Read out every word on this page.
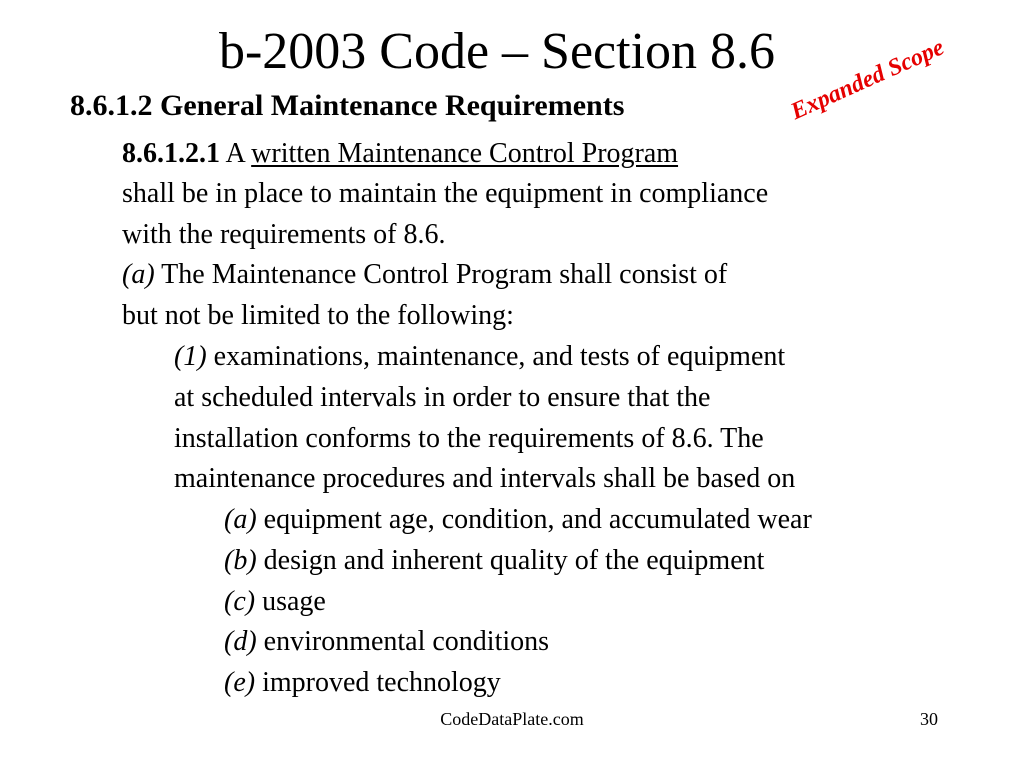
b-2003 Code – Section 8.6
8.6.1.2 General Maintenance Requirements	Expanded Scope
8.6.1.2.1 A written Maintenance Control Program
shall be in place to maintain the equipment in compliance
with the requirements of 8.6.
(a) The Maintenance Control Program shall consist of
but not be limited to the following:
(1) examinations, maintenance, and tests of equipment
at scheduled intervals in order to ensure that the
installation conforms to the requirements of 8.6. The
maintenance procedures and intervals shall be based on
(a) equipment age, condition, and accumulated wear
(b) design and inherent quality of the equipment
(c) usage
(d) environmental conditions
(e) improved technology
CodeDataPlate.com	30
